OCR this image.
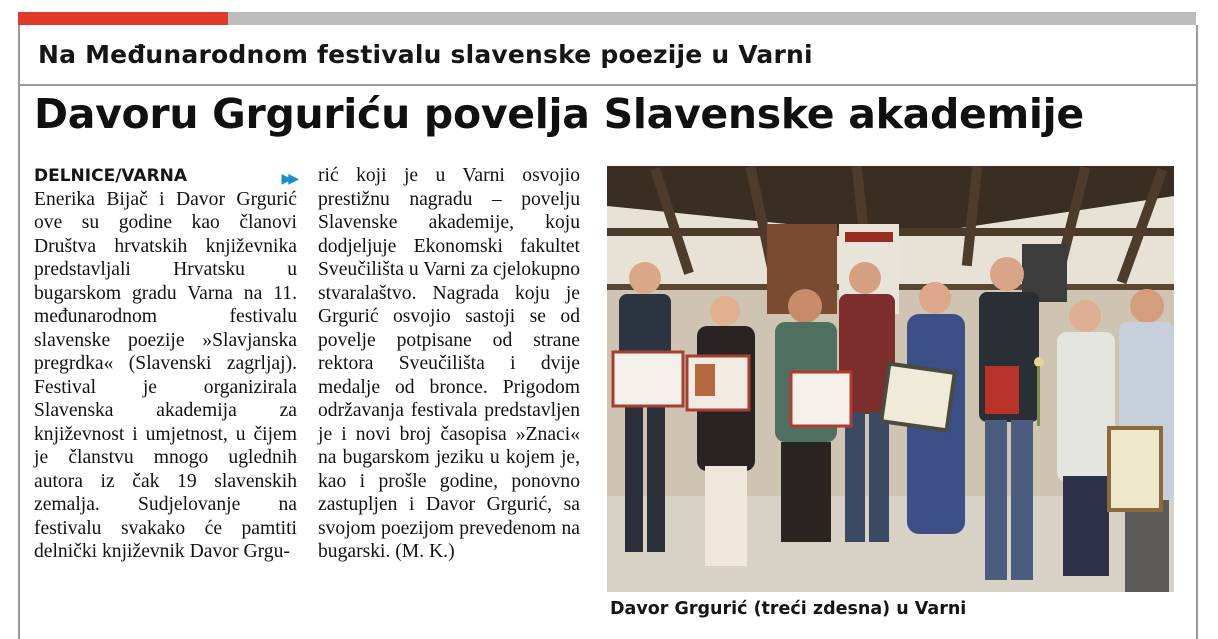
Na Međunarodnom festivalu slavenske poezije u Varni
Davoru Grguriću povelja Slavenske akademije
DELNICE/VARNA	▶▶

Enerika Bijač i Davor Grgurić ove su godine kao članovi Društva hrvatskih književnika predstavljali Hrvatsku u bugarskom gradu Varna na 11. međunarodnom festivalu slavenske poezije »Slavjanska pregrdka« (Slavenski zagrljaj). Festival je organizirala Slavenska akademija za književnost i umjetnost, u čijem je članstvu mnogo uglednih autora iz čak 19 slavenskih zemalja. Sudjelovanje na festivalu svakako će pamtiti delnički književnik Davor Grgu-

rić koji je u Varni osvojio prestižnu nagradu – povelju Slavenske akademije, koju dodjeljuje Ekonomski fakultet Sveučilišta u Varni za cjelokupno stvaralaštvo. Nagrada koju je Grgurić osvojio sastoji se od povelje potpisane od strane rektora Sveučilišta i dvije medalje od bronce. Prigodom održavanja festivala predstavljen je i novi broj časopisa »Znaci« na bugarskom jeziku u kojem je, kao i prošle godine, ponovno zastupljen i Davor Grgurić, sa svojom poezijom prevedenom na bugarski. (M. K.)

Davor Grgurić (treći zdesna) u Varni
